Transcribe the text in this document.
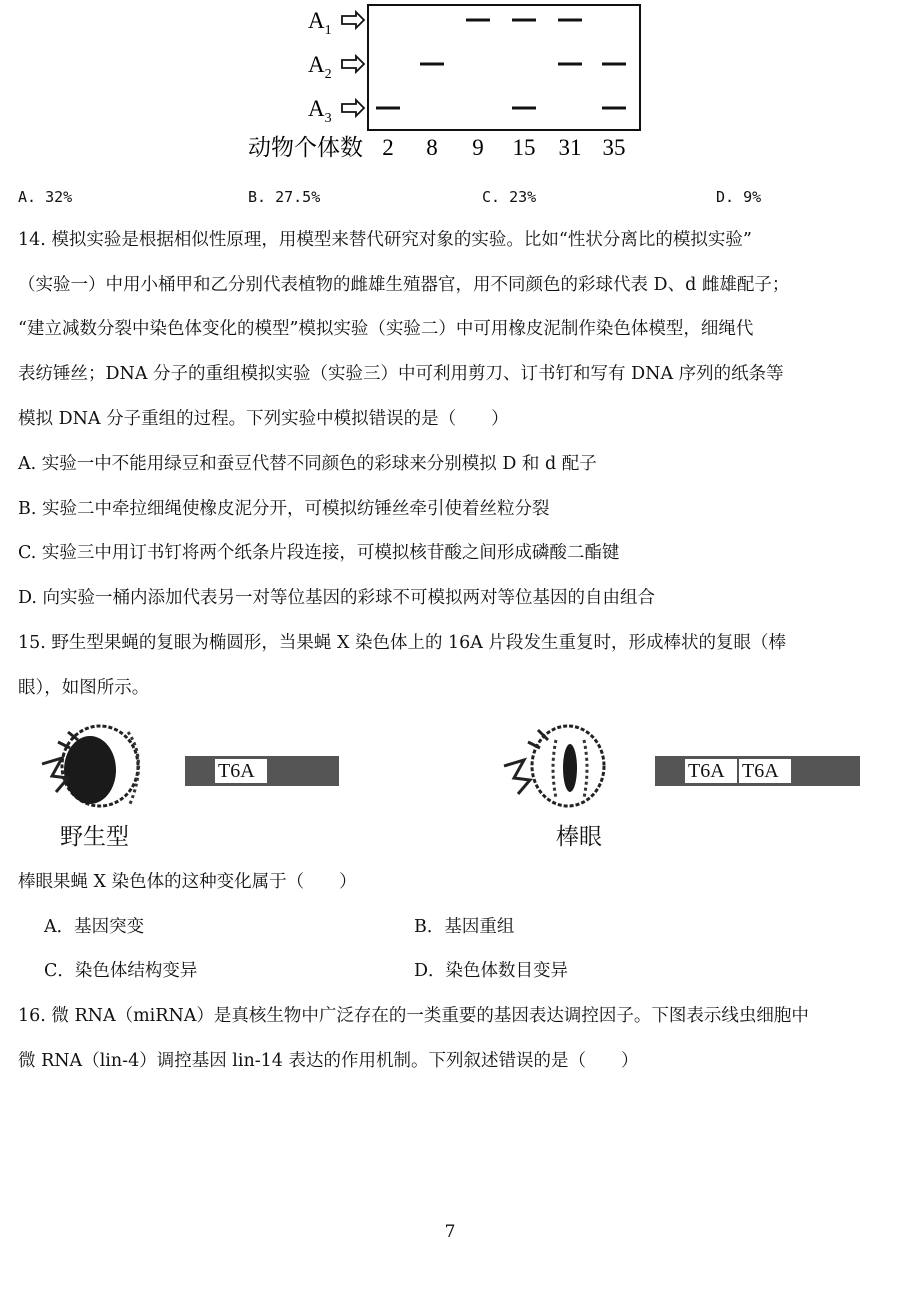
$A_1$
$A_2$
$A_3$
动物个体数 2 8 9 15 31 35
A. 32%	B. 27.5%	C. 23%	D. 9%
14. 模拟实验是根据相似性原理，用模型来替代研究对象的实验。比如“性状分离比的模拟实验”
（实验一）中用小桶甲和乙分别代表植物的雌雄生殖器官，用不同颜色的彩球代表 D、d 雌雄配子；
“建立减数分裂中染色体变化的模型”模拟实验（实验二）中可用橡皮泥制作染色体模型，细绳代
表纺锤丝；DNA 分子的重组模拟实验（实验三）中可利用剪刀、订书钉和写有 DNA 序列的纸条等
模拟 DNA 分子重组的过程。下列实验中模拟错误的是（　　）
A. 实验一中不能用绿豆和蚕豆代替不同颜色的彩球来分别模拟 D 和 d 配子
B. 实验二中牵拉细绳使橡皮泥分开，可模拟纺锤丝牵引使着丝粒分裂
C. 实验三中用订书钉将两个纸条片段连接，可模拟核苷酸之间形成磷酸二酯键
D. 向实验一桶内添加代表另一对等位基因的彩球不可模拟两对等位基因的自由组合
15. 野生型果蝇的复眼为椭圆形，当果蝇 X 染色体上的 16A 片段发生重复时，形成棒状的复眼（棒
眼），如图所示。
T6A
野生型
T6A T6A
棒眼
棒眼果蝇 X 染色体的这种变化属于（　　）
A．基因突变	B．基因重组
C．染色体结构变异	D．染色体数目变异
16. 微 RNA（miRNA）是真核生物中广泛存在的一类重要的基因表达调控因子。下图表示线虫细胞中
微 RNA（lin-4）调控基因 lin-14 表达的作用机制。下列叙述错误的是（　　）
7
